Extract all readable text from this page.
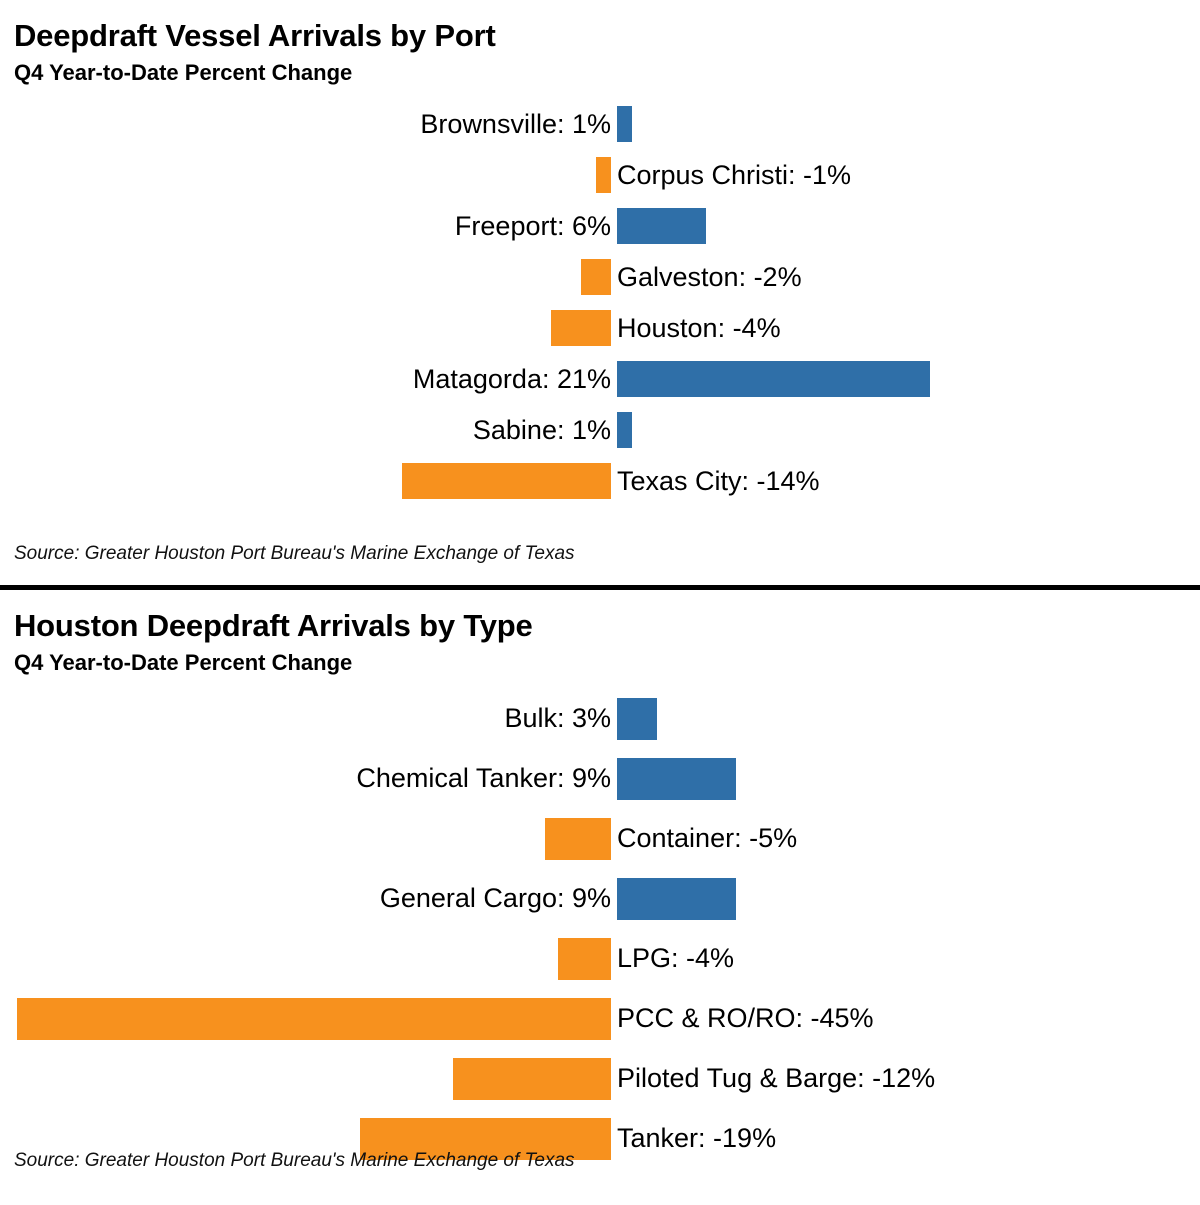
Deepdraft Vessel Arrivals by Port
Q4 Year-to-Date Percent Change
Brownsville: 1%
Corpus Christi: -1%
Freeport: 6%
Galveston: -2%
Houston: -4%
Matagorda: 21%
Sabine: 1%
Texas City: -14%
Source: Greater Houston Port Bureau's Marine Exchange of Texas
Houston Deepdraft Arrivals by Type
Q4 Year-to-Date Percent Change
Bulk: 3%
Chemical Tanker: 9%
Container: -5%
General Cargo: 9%
LPG: -4%
PCC & RO/RO: -45%
Piloted Tug & Barge: -12%
Tanker: -19%
Source: Greater Houston Port Bureau's Marine Exchange of Texas
